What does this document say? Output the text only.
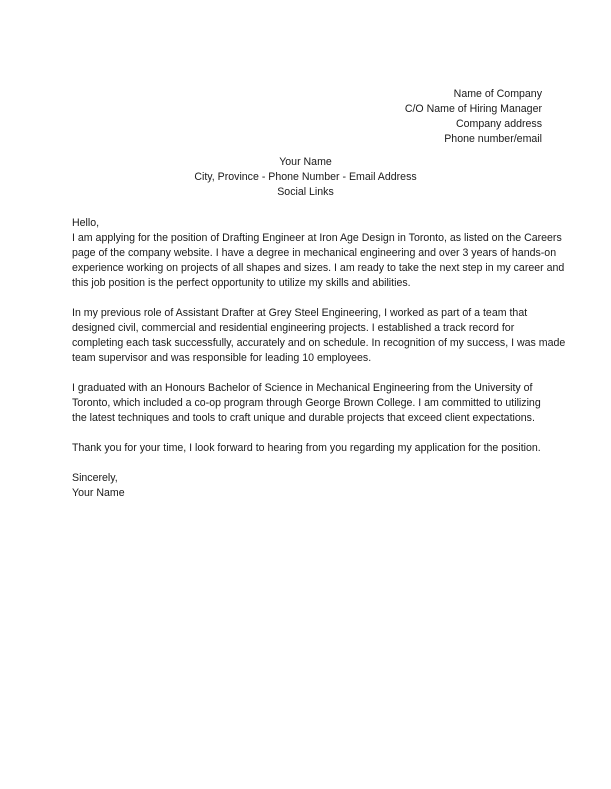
Name of Company
C/O Name of Hiring Manager
Company address
Phone number/email
Your Name
City, Province - Phone Number - Email Address
Social Links
Hello,
I am applying for the position of Drafting Engineer at Iron Age Design in Toronto, as listed on the Careers
page of the company website. I have a degree in mechanical engineering and over 3 years of hands-on
experience working on projects of all shapes and sizes. I am ready to take the next step in my career and
this job position is the perfect opportunity to utilize my skills and abilities.
In my previous role of Assistant Drafter at Grey Steel Engineering, I worked as part of a team that
designed civil, commercial and residential engineering projects. I established a track record for
completing each task successfully, accurately and on schedule. In recognition of my success, I was made
team supervisor and was responsible for leading 10 employees.
I graduated with an Honours Bachelor of Science in Mechanical Engineering from the University of
Toronto, which included a co-op program through George Brown College. I am committed to utilizing
the latest techniques and tools to craft unique and durable projects that exceed client expectations.
Thank you for your time, I look forward to hearing from you regarding my application for the position.
Sincerely,
Your Name
